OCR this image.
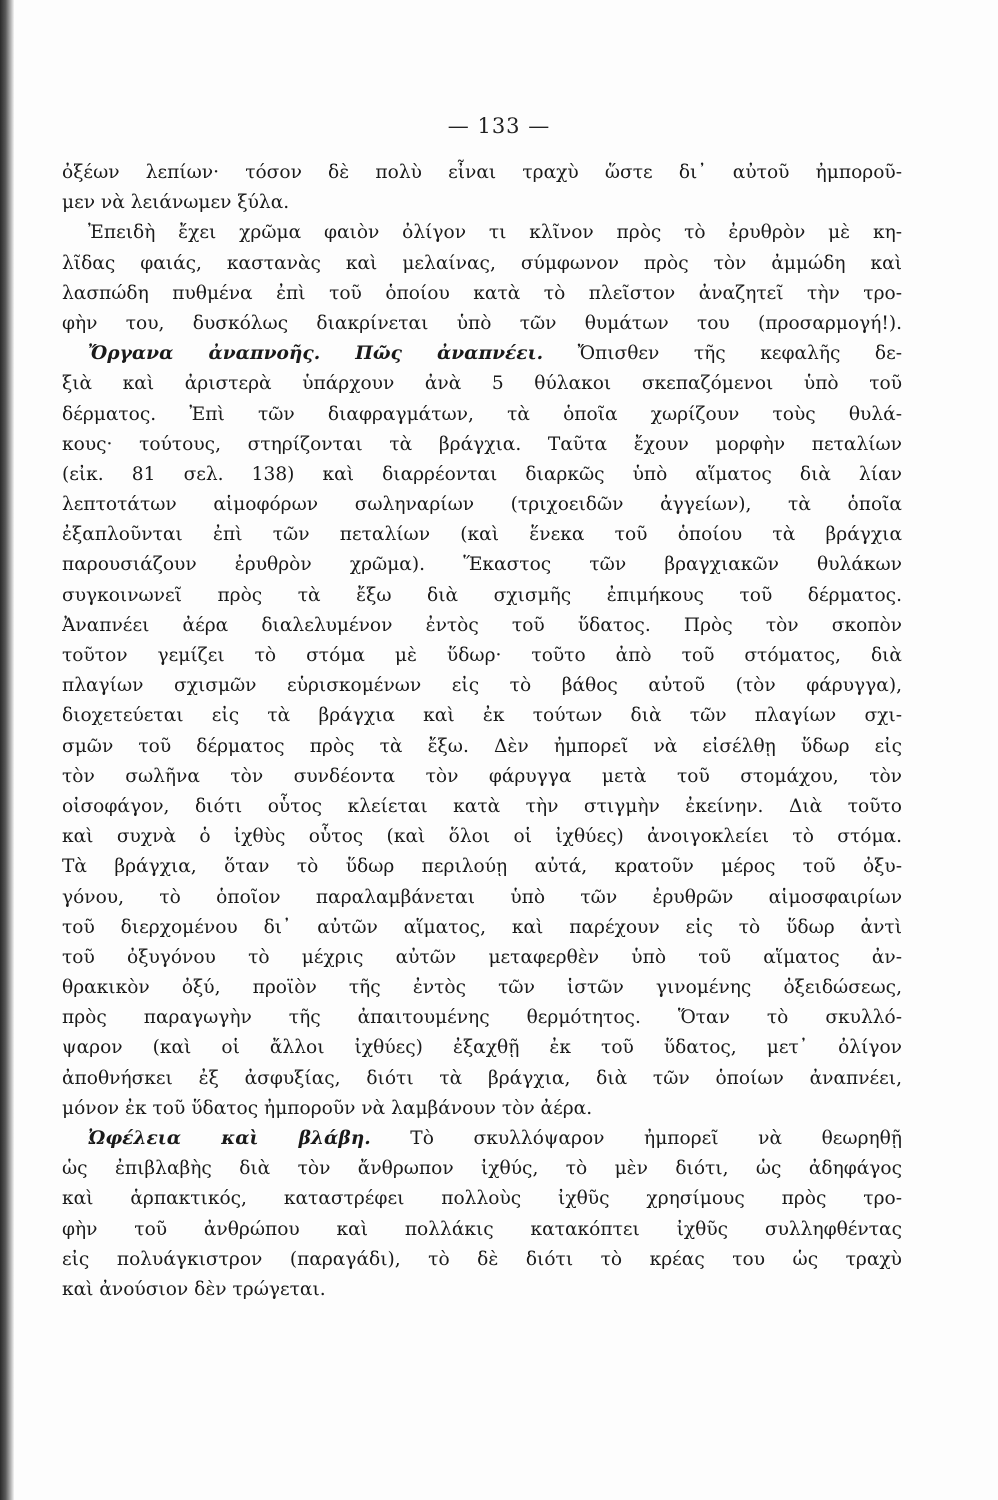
— 133 —
ὀξέων λεπίων· τόσον δὲ πολὺ εἶναι τραχὺ ὥστε δι᾽ αὐτοῦ ἠμποροῦ-
μεν νὰ λειάνωμεν ξύλα.
Ἐπειδὴ ἔχει χρῶμα φαιὸν ὀλίγον τι κλῖνον πρὸς τὸ ἐρυθρὸν μὲ κη-
λῖδας φαιάς, καστανὰς καὶ μελαίνας, σύμφωνον πρὸς τὸν ἀμμώδη καὶ
λασπώδη πυθμένα ἐπὶ τοῦ ὁποίου κατὰ τὸ πλεῖστον ἀναζητεῖ τὴν τρο-
φὴν του, δυσκόλως διακρίνεται ὑπὸ τῶν θυμάτων του (προσαρμογή!).
Ὄργανα ἀναπνοῆς. Πῶς ἀναπνέει. Ὄπισθεν τῆς κεφαλῆς δε-
ξιὰ καὶ ἀριστερὰ ὑπάρχουν ἀνὰ 5 θύλακοι σκεπαζόμενοι ὑπὸ τοῦ
δέρματος. Ἐπὶ τῶν διαφραγμάτων, τὰ ὁποῖα χωρίζουν τοὺς θυλά-
κους· τούτους, στηρίζονται τὰ βράγχια. Ταῦτα ἔχουν μορφὴν πεταλίων
(εἰκ. 81 σελ. 138) καὶ διαρρέονται διαρκῶς ὑπὸ αἵματος διὰ λίαν
λεπτοτάτων αἱμοφόρων σωληναρίων (τριχοειδῶν ἀγγείων), τὰ ὁποῖα
ἐξαπλοῦνται ἐπὶ τῶν πεταλίων (καὶ ἕνεκα τοῦ ὁποίου τὰ βράγχια
παρουσιάζουν ἐρυθρὸν χρῶμα). Ἕκαστος τῶν βραγχιακῶν θυλάκων
συγκοινωνεῖ πρὸς τὰ ἔξω διὰ σχισμῆς ἐπιμήκους τοῦ δέρματος.
Ἀναπνέει ἀέρα διαλελυμένον ἐντὸς τοῦ ὕδατος. Πρὸς τὸν σκοπὸν
τοῦτον γεμίζει τὸ στόμα μὲ ὕδωρ· τοῦτο ἀπὸ τοῦ στόματος, διὰ
πλαγίων σχισμῶν εὑρισκομένων εἰς τὸ βάθος αὐτοῦ (τὸν φάρυγγα),
διοχετεύεται εἰς τὰ βράγχια καὶ ἐκ τούτων διὰ τῶν πλαγίων σχι-
σμῶν τοῦ δέρματος πρὸς τὰ ἔξω. Δὲν ἠμπορεῖ νὰ εἰσέλθῃ ὕδωρ εἰς
τὸν σωλῆνα τὸν συνδέοντα τὸν φάρυγγα μετὰ τοῦ στομάχου, τὸν
οἰσοφάγον, διότι οὗτος κλείεται κατὰ τὴν στιγμὴν ἐκείνην. Διὰ τοῦτο
καὶ συχνὰ ὁ ἰχθὺς οὗτος (καὶ ὅλοι οἱ ἰχθύες) ἀνοιγοκλείει τὸ στόμα.
Τὰ βράγχια, ὅταν τὸ ὕδωρ περιλούῃ αὐτά, κρατοῦν μέρος τοῦ ὀξυ-
γόνου, τὸ ὁποῖον παραλαμβάνεται ὑπὸ τῶν ἐρυθρῶν αἱμοσφαιρίων
τοῦ διερχομένου δι᾽ αὐτῶν αἵματος, καὶ παρέχουν εἰς τὸ ὕδωρ ἀντὶ
τοῦ ὀξυγόνου τὸ μέχρις αὐτῶν μεταφερθὲν ὑπὸ τοῦ αἵματος ἀν-
θρακικὸν ὀξύ, προϊὸν τῆς ἐντὸς τῶν ἱστῶν γινομένης ὀξειδώσεως,
πρὸς παραγωγὴν τῆς ἀπαιτουμένης θερμότητος. Ὅταν τὸ σκυλλό-
ψαρον (καὶ οἱ ἄλλοι ἰχθύες) ἐξαχθῇ ἐκ τοῦ ὕδατος, μετ᾽ ὀλίγον
ἀποθνήσκει ἐξ ἀσφυξίας, διότι τὰ βράγχια, διὰ τῶν ὁποίων ἀναπνέει,
μόνον ἐκ τοῦ ὕδατος ἠμποροῦν νὰ λαμβάνουν τὸν ἀέρα.
Ὠφέλεια καὶ βλάβη. Τὸ σκυλλόψαρον ἠμπορεῖ νὰ θεωρηθῇ
ὡς ἐπιβλαβὴς διὰ τὸν ἄνθρωπον ἰχθύς, τὸ μὲν διότι, ὡς ἀδηφάγος
καὶ ἁρπακτικός, καταστρέφει πολλοὺς ἰχθῦς χρησίμους πρὸς τρο-
φὴν τοῦ ἀνθρώπου καὶ πολλάκις κατακόπτει ἰχθῦς συλληφθέντας
εἰς πολυάγκιστρον (παραγάδι), τὸ δὲ διότι τὸ κρέας του ὡς τραχὺ
καὶ ἀνούσιον δὲν τρώγεται.
